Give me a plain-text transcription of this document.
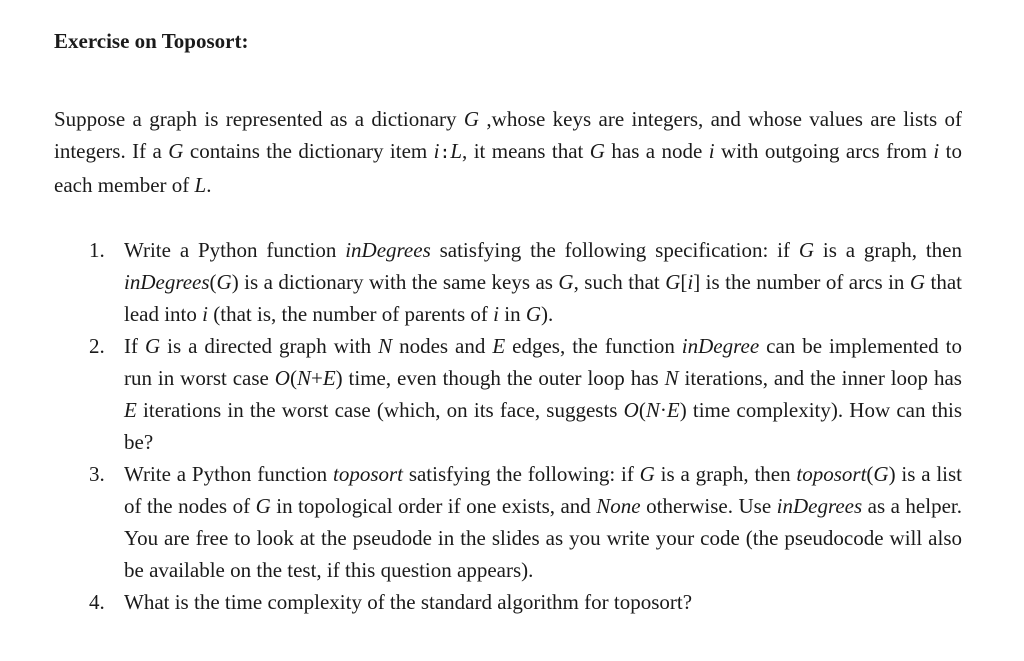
Exercise on Toposort:

Suppose a graph is represented as a dictionary G ,whose keys are integers, and whose values are lists of integers. If a G contains the dictionary item i:L, it means that G has a node i with outgoing arcs from i to each member of L.

1. Write a Python function inDegrees satisfying the following specification: if G is a graph, then inDegrees(G) is a dictionary with the same keys as G, such that G[i] is the number of arcs in G that lead into i (that is, the number of parents of i in G).
2. If G is a directed graph with N nodes and E edges, the function inDegree can be implemented to run in worst case O(N+E) time, even though the outer loop has N iterations, and the inner loop has E iterations in the worst case (which, on its face, suggests O(N·E) time complexity). How can this be?
3. Write a Python function toposort satisfying the following: if G is a graph, then toposort(G) is a list of the nodes of G in topological order if one exists, and None otherwise. Use inDegrees as a helper. You are free to look at the pseudode in the slides as you write your code (the pseudocode will also be available on the test, if this question appears).
4. What is the time complexity of the standard algorithm for toposort?
